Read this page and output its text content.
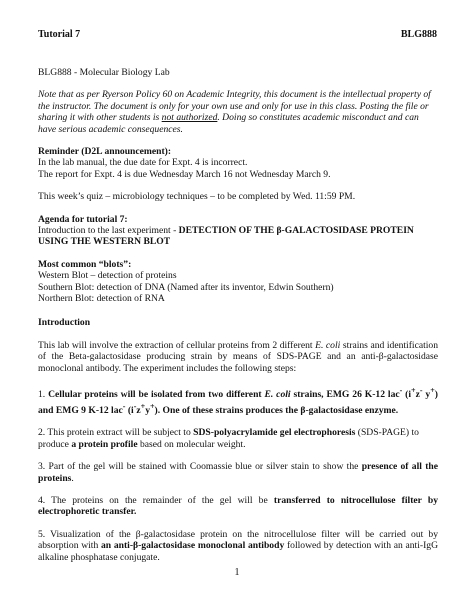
Tutorial 7	BLG888

BLG888 - Molecular Biology Lab

Note that as per Ryerson Policy 60 on Academic Integrity, this document is the intellectual property of the instructor. The document is only for your own use and only for use in this class. Posting the file or sharing it with other students is not authorized. Doing so constitutes academic misconduct and can have serious academic consequences.

Reminder (D2L announcement):

In the lab manual, the due date for Expt. 4 is incorrect.

The report for Expt. 4 is due Wednesday March 16 not Wednesday March 9.

This week’s quiz – microbiology techniques – to be completed by Wed. 11:59 PM.

Agenda for tutorial 7:

Introduction to the last experiment - DETECTION OF THE β-GALACTOSIDASE PROTEIN USING THE WESTERN BLOT

Most common “blots”:

Western Blot – detection of proteins

Southern Blot: detection of DNA (Named after its inventor, Edwin Southern)

Northern Blot: detection of RNA

Introduction

This lab will involve the extraction of cellular proteins from 2 different E. coli strains and identification of the Beta-galactosidase producing strain by means of SDS-PAGE and an anti-β-galactosidase monoclonal antibody. The experiment includes the following steps:

1. Cellular proteins will be isolated from two different E. coli strains, EMG 26 K-12 lac- (i+z- y+) and EMG 9 K-12 lac- (i-z+y+). One of these strains produces the β-galactosidase enzyme.

2. This protein extract will be subject to SDS-polyacrylamide gel electrophoresis (SDS-PAGE) to produce a protein profile based on molecular weight.

3. Part of the gel will be stained with Coomassie blue or silver stain to show the presence of all the proteins.

4. The proteins on the remainder of the gel will be transferred to nitrocellulose filter by electrophoretic transfer.

5. Visualization of the β-galactosidase protein on the nitrocellulose filter will be carried out by absorption with an anti-β-galactosidase monoclonal antibody followed by detection with an anti-IgG alkaline phosphatase conjugate.

1
